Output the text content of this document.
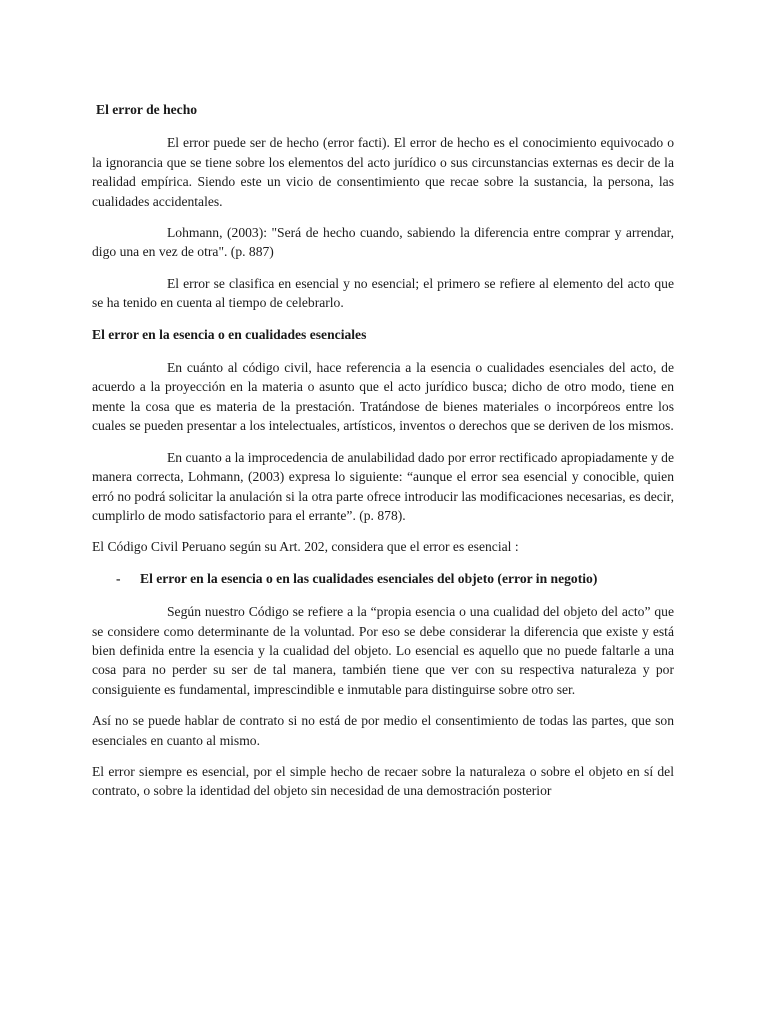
El error de hecho

El error puede ser de hecho (error facti). El error de hecho es el conocimiento equivocado o la ignorancia que se tiene sobre los elementos del acto jurídico o sus circunstancias externas es decir de la realidad empírica. Siendo este un vicio de consentimiento que recae sobre la sustancia, la persona, las cualidades accidentales.

Lohmann, (2003): "Será de hecho cuando, sabiendo la diferencia entre comprar y arrendar, digo una en vez de otra". (p. 887)

El error se clasifica en esencial y no esencial; el primero se refiere al elemento del acto que se ha tenido en cuenta al tiempo de celebrarlo.

El error en la esencia o en cualidades esenciales

En cuánto al código civil, hace referencia a la esencia o cualidades esenciales del acto, de acuerdo a la proyección en la materia o asunto que el acto jurídico busca; dicho de otro modo, tiene en mente la cosa que es materia de la prestación. Tratándose de bienes materiales o incorpóreos entre los cuales se pueden presentar a los intelectuales, artísticos, inventos o derechos que se deriven de los mismos.

En cuanto a la improcedencia de anulabilidad dado por error rectificado apropiadamente y de manera correcta, Lohmann, (2003) expresa lo siguiente: “aunque el error sea esencial y conocible, quien erró no podrá solicitar la anulación si la otra parte ofrece introducir las modificaciones necesarias, es decir, cumplirlo de modo satisfactorio para el errante”. (p. 878).

El Código Civil Peruano según su Art. 202, considera que el error es esencial :

-	El error en la esencia o en las cualidades esenciales del objeto (error in negotio)

Según nuestro Código se refiere a la “propia esencia o una cualidad del objeto del acto” que se considere como determinante de la voluntad. Por eso se debe considerar la diferencia que existe y está bien definida entre la esencia y la cualidad del objeto. Lo esencial es aquello que no puede faltarle a una cosa para no perder su ser de tal manera, también tiene que ver con su respectiva naturaleza y por consiguiente es fundamental, imprescindible e inmutable para distinguirse sobre otro ser.

Así no se puede hablar de contrato si no está de por medio el consentimiento de todas las partes, que son esenciales en cuanto al mismo.

El error siempre es esencial, por el simple hecho de recaer sobre la naturaleza o sobre el objeto en sí del contrato, o sobre la identidad del objeto sin necesidad de una demostración posterior
